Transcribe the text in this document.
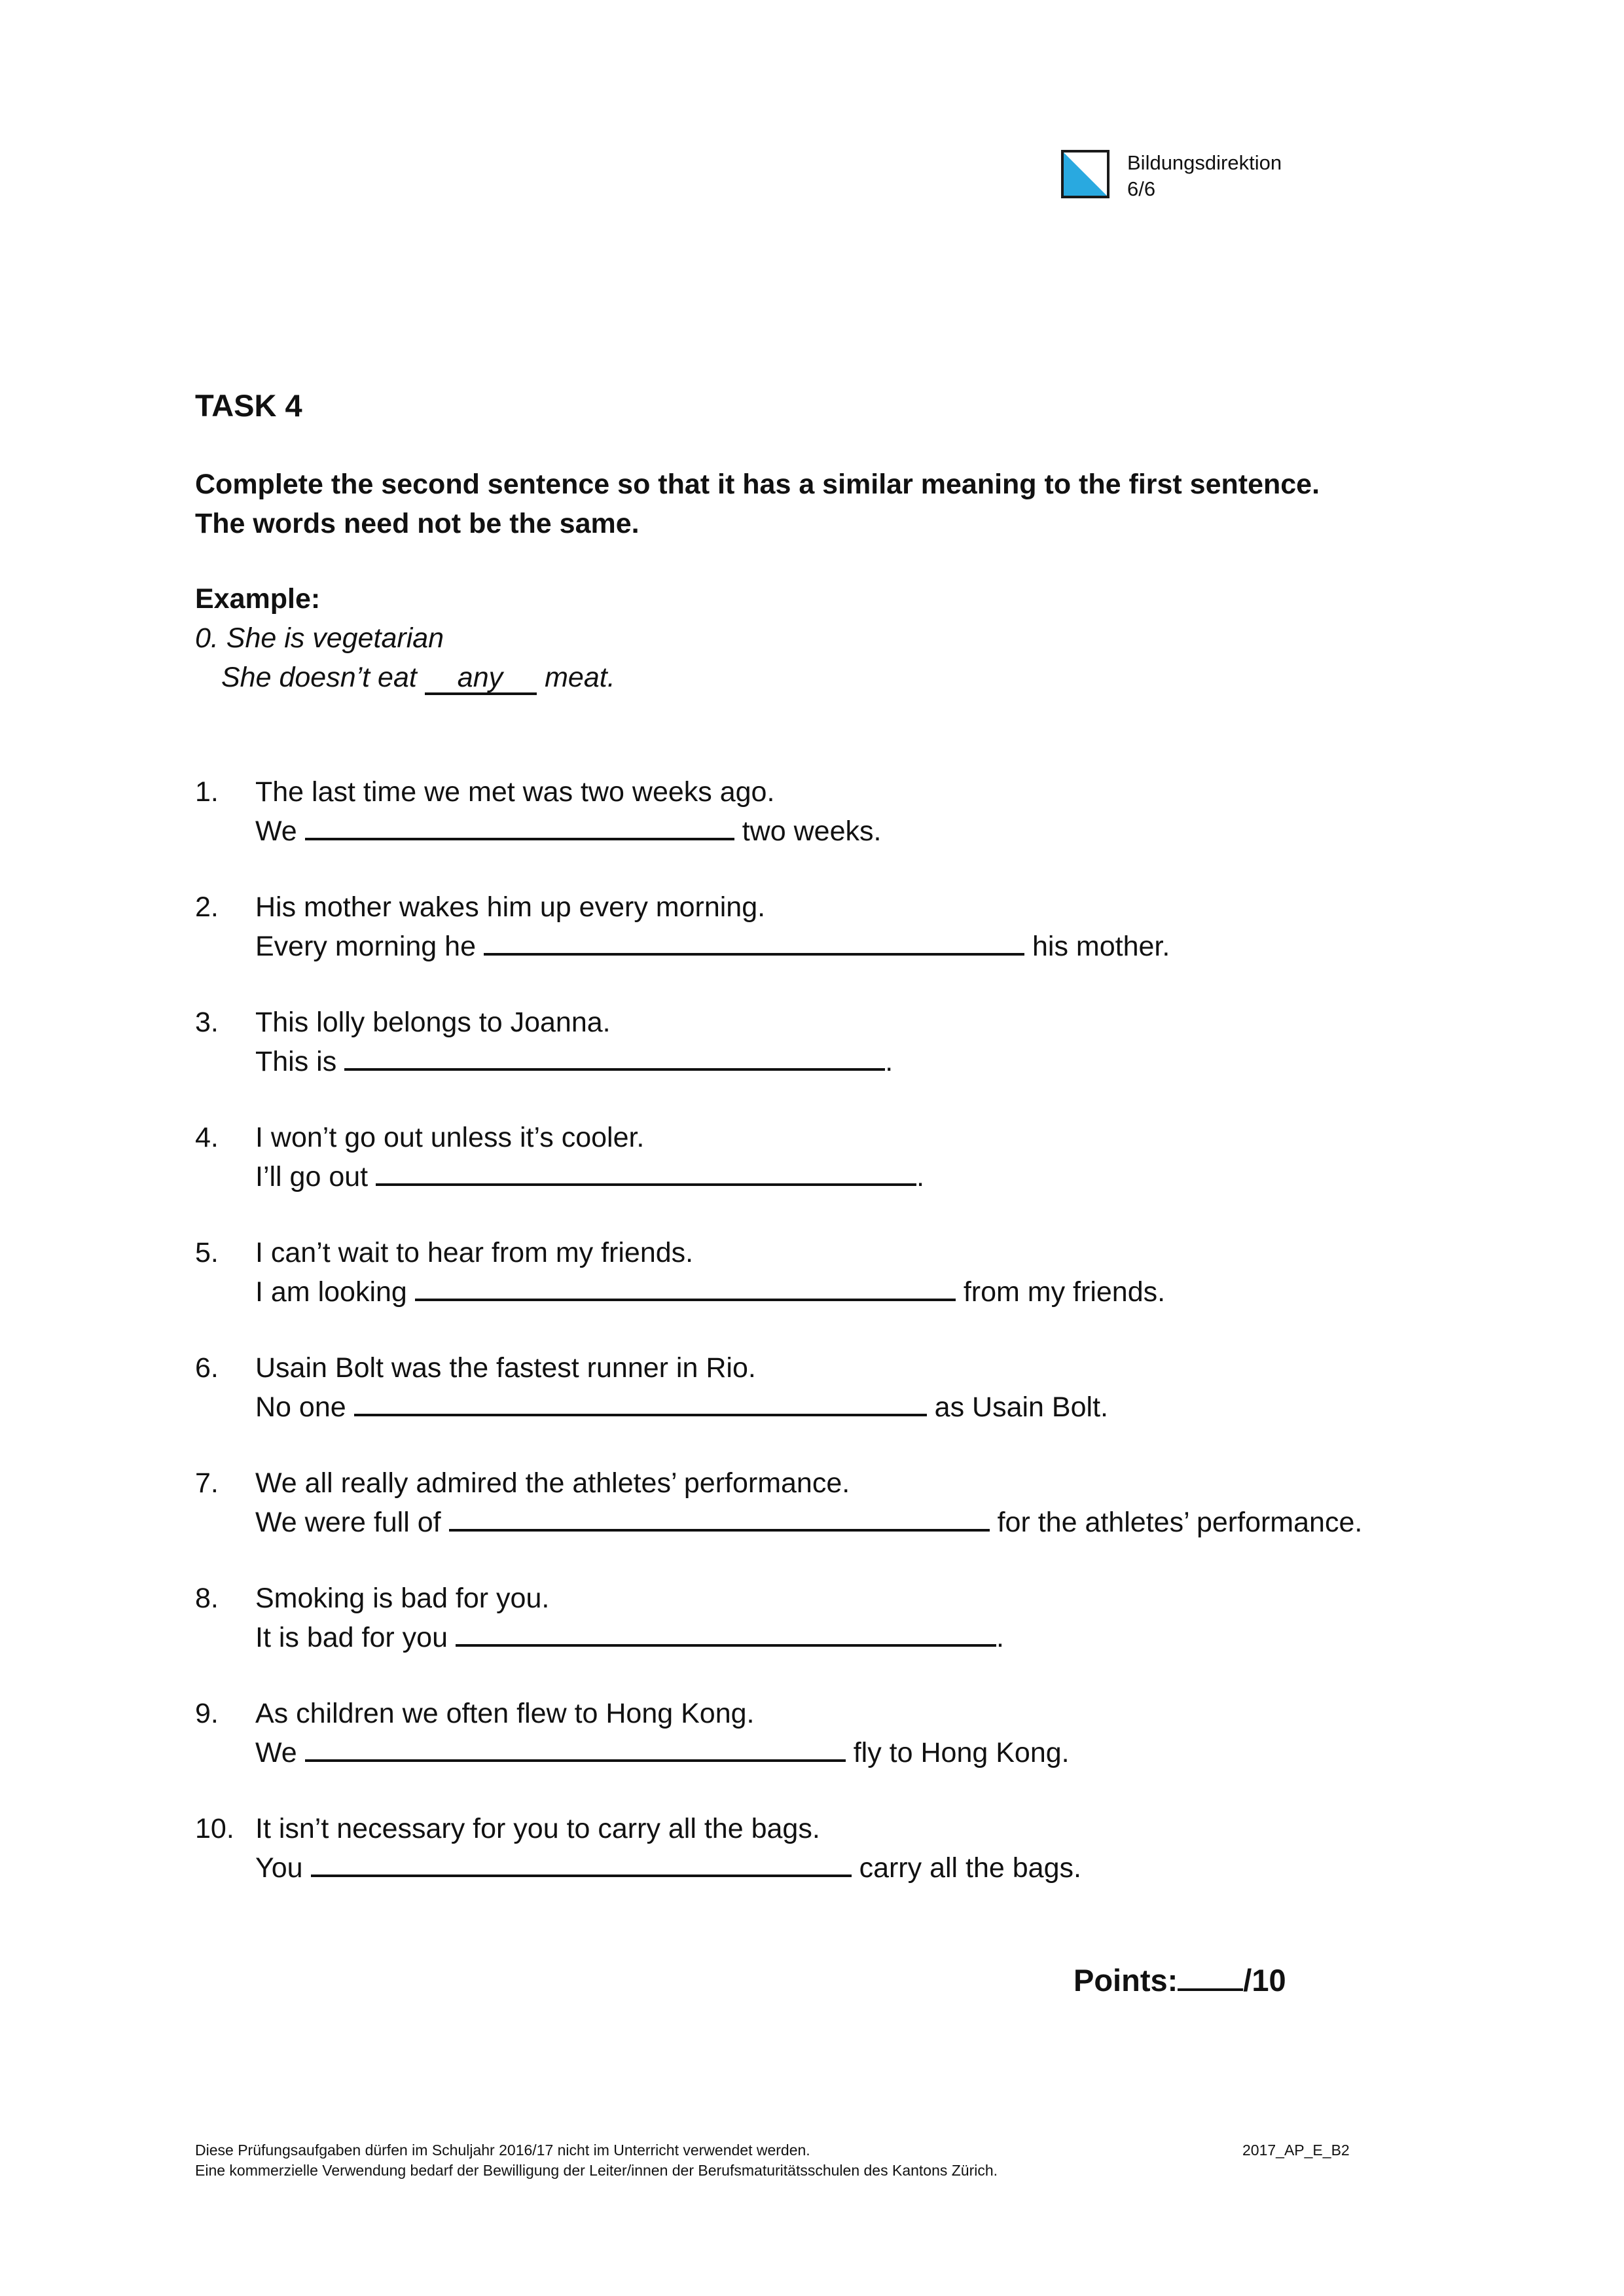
Bildungsdirektion
6/6
TASK 4
Complete the second sentence so that it has a similar meaning to the first sentence. The words need not be the same.
Example:
0. She is vegetarian
She doesn’t eat any meat.
1. The last time we met was two weeks ago.
We	two weeks.
2. His mother wakes him up every morning.
Every morning he	his mother.
3. This lolly belongs to Joanna.
This is	.
4. I won’t go out unless it’s cooler.
I’ll go out	.
5. I can’t wait to hear from my friends.
I am looking	from my friends.
6. Usain Bolt was the fastest runner in Rio.
No one	as Usain Bolt.
7. We all really admired the athletes’ performance.
We were full of	for the athletes’ performance.
8. Smoking is bad for you.
It is bad for you	.
9. As children we often flew to Hong Kong.
We	fly to Hong Kong.
10. It isn’t necessary for you to carry all the bags.
You	carry all the bags.
Points: /10
Diese Prüfungsaufgaben dürfen im Schuljahr 2016/17 nicht im Unterricht verwendet werden.
Eine kommerzielle Verwendung bedarf der Bewilligung der Leiter/innen der Berufsmaturitätsschulen des Kantons Zürich.
2017_AP_E_B2
